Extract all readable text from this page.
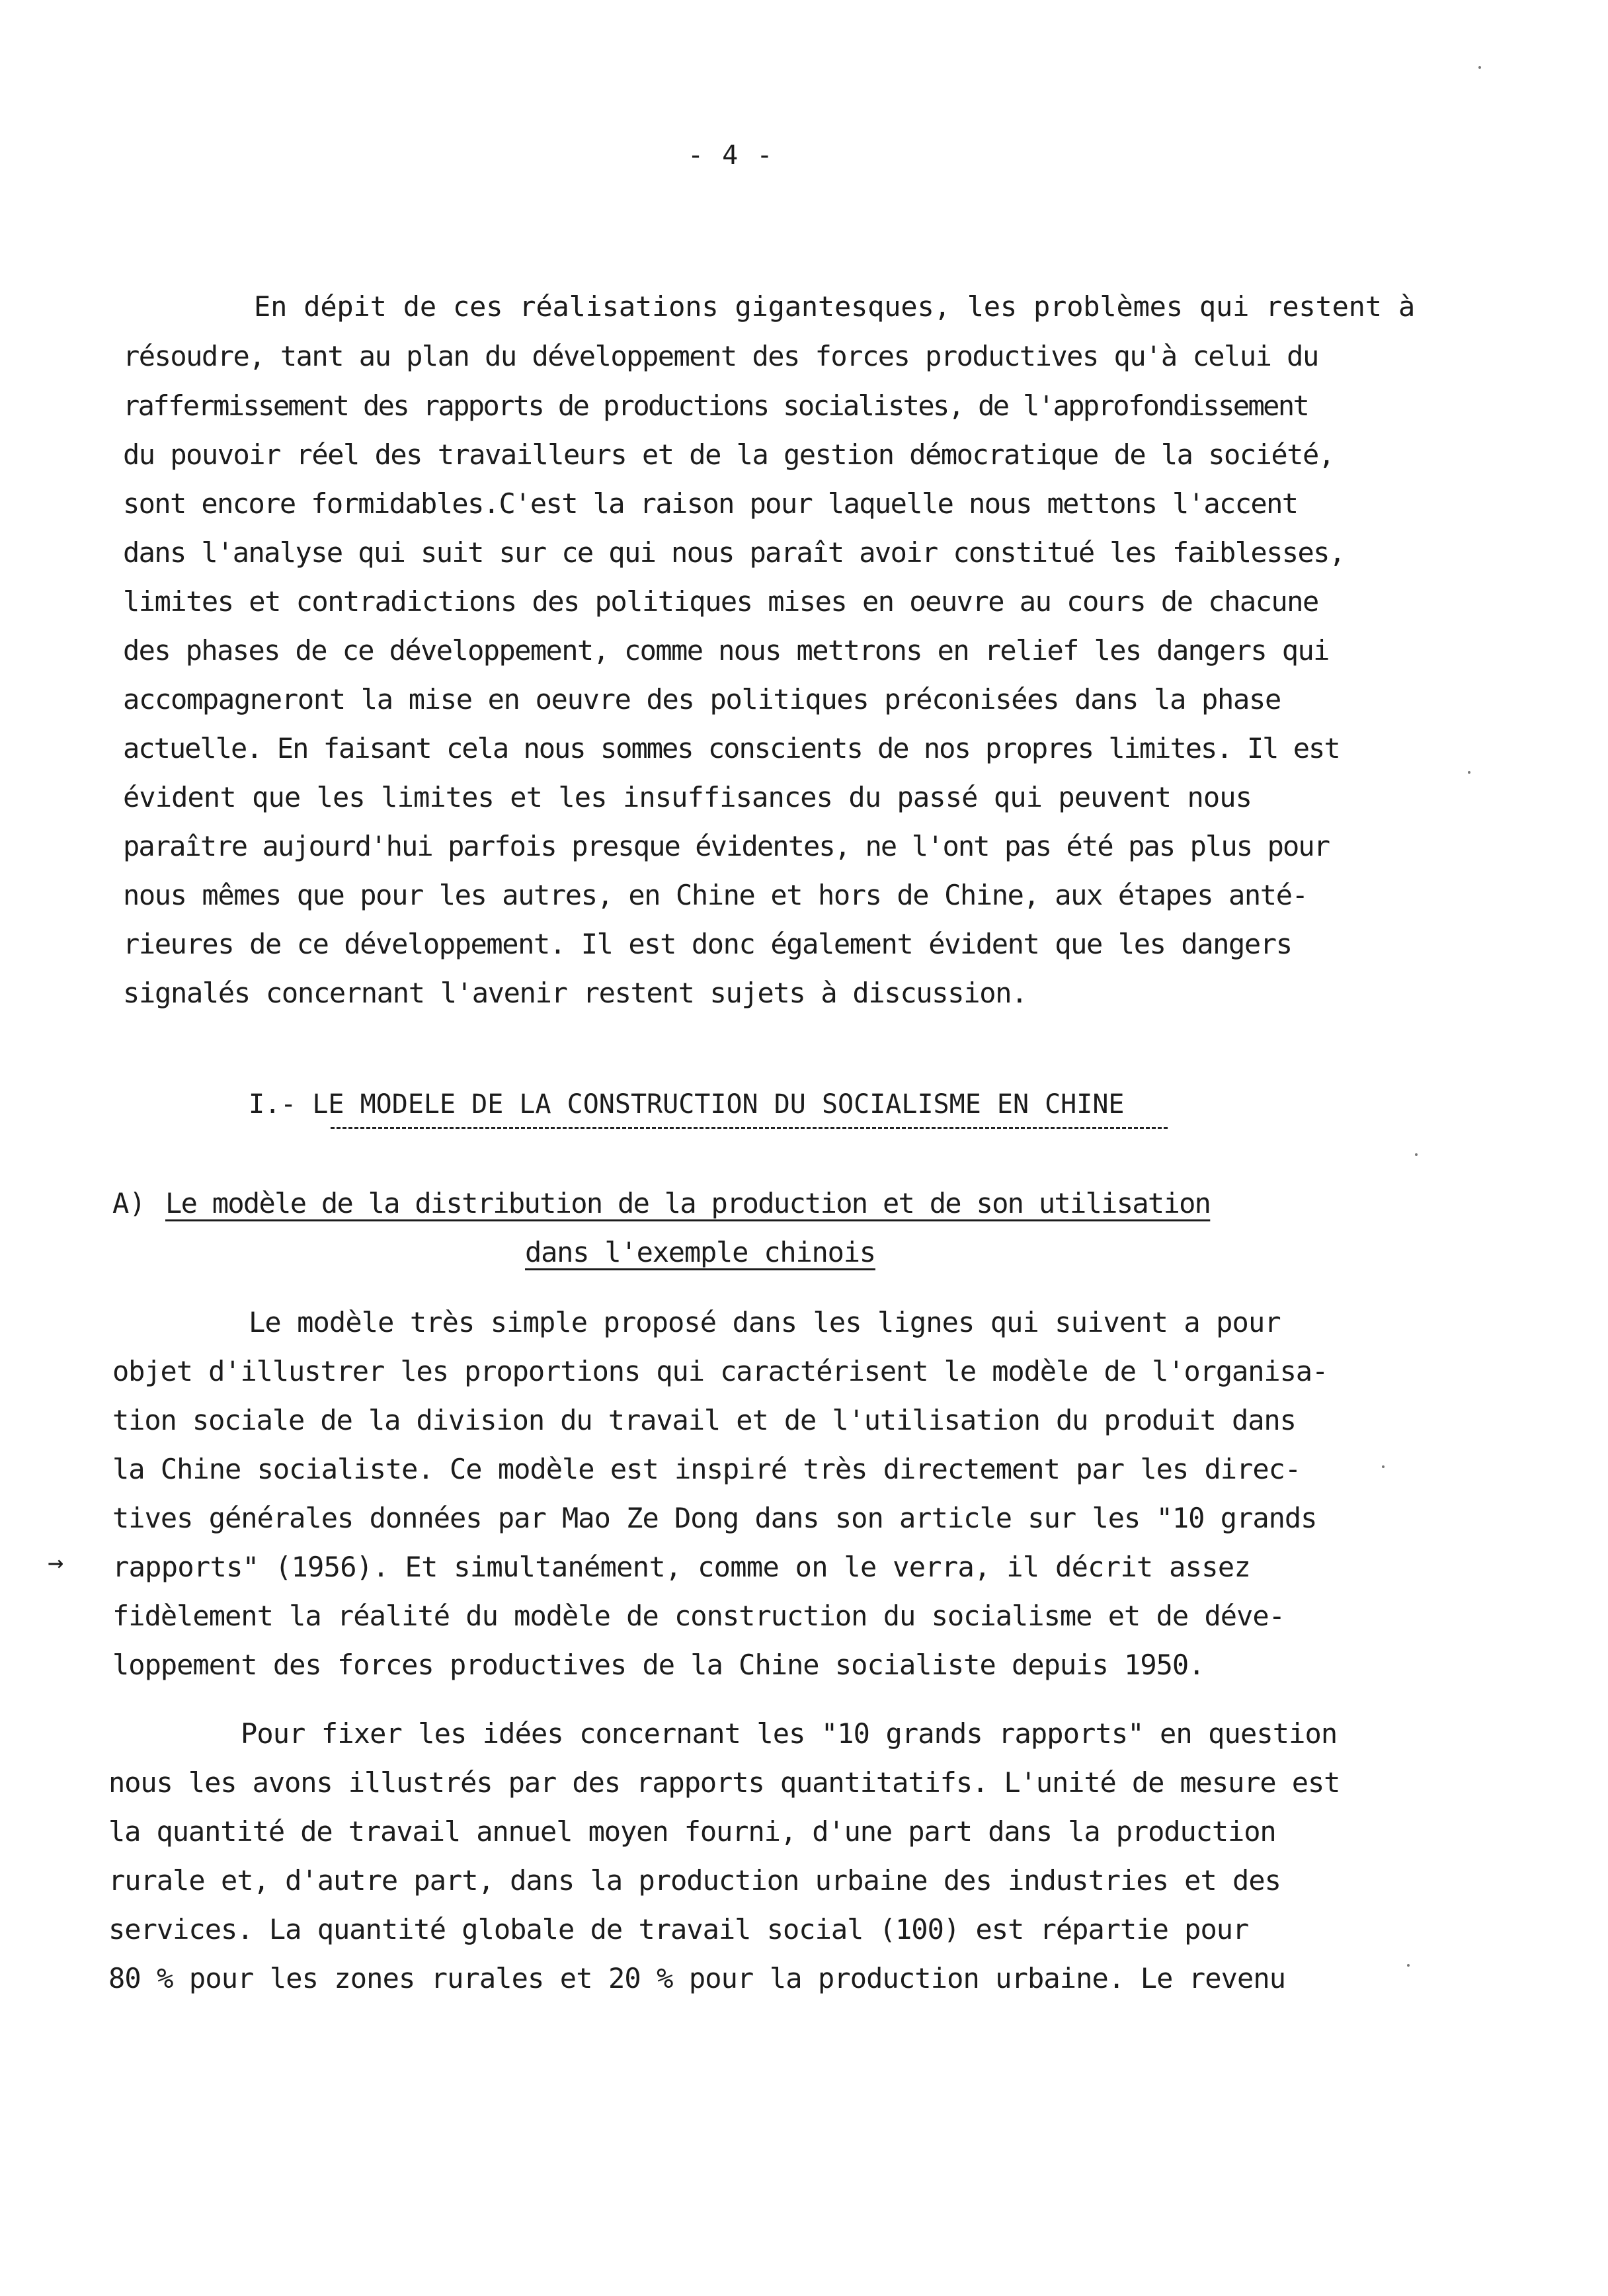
- 4 -
En dépit de ces réalisations gigantesques, les problèmes qui restent à
résoudre, tant au plan du développement des forces productives qu'à celui du
raffermissement des rapports de productions socialistes, de l'approfondissement
du pouvoir réel des travailleurs et de la gestion démocratique de la société,
sont encore formidables.C'est la raison pour laquelle nous mettons l'accent
dans l'analyse qui suit sur ce qui nous paraît avoir constitué les faiblesses,
limites et contradictions des politiques mises en oeuvre au cours de chacune
des phases de ce développement, comme nous mettrons en relief les dangers qui
accompagneront la mise en oeuvre des politiques préconisées dans la phase
actuelle. En faisant cela nous sommes conscients de nos propres limites. Il est
évident que les limites et les insuffisances du passé qui peuvent nous
paraître aujourd'hui parfois presque évidentes, ne l'ont pas été pas plus pour
nous mêmes que pour les autres, en Chine et hors de Chine, aux étapes anté-
rieures de ce développement. Il est donc également évident que les dangers
signalés concernant l'avenir restent sujets à discussion.
I.- LE MODELE DE LA CONSTRUCTION DU SOCIALISME EN CHINE
A) Le modèle de la distribution de la production et de son utilisation
dans l'exemple chinois
Le modèle très simple proposé dans les lignes qui suivent a pour
objet d'illustrer les proportions qui caractérisent le modèle de l'organisa-
tion sociale de la division du travail et de l'utilisation du produit dans
la Chine socialiste. Ce modèle est inspiré très directement par les direc-
tives générales données par Mao Ze Dong dans son article sur les "10 grands
rapports" (1956). Et simultanément, comme on le verra, il décrit assez
fidèlement la réalité du modèle de construction du socialisme et de déve-
loppement des forces productives de la Chine socialiste depuis 1950.
Pour fixer les idées concernant les "10 grands rapports" en question
nous les avons illustrés par des rapports quantitatifs. L'unité de mesure est
la quantité de travail annuel moyen fourni, d'une part dans la production
rurale et, d'autre part, dans la production urbaine des industries et des
services. La quantité globale de travail social (100) est répartie pour
80 % pour les zones rurales et 20 % pour la production urbaine. Le revenu
→
